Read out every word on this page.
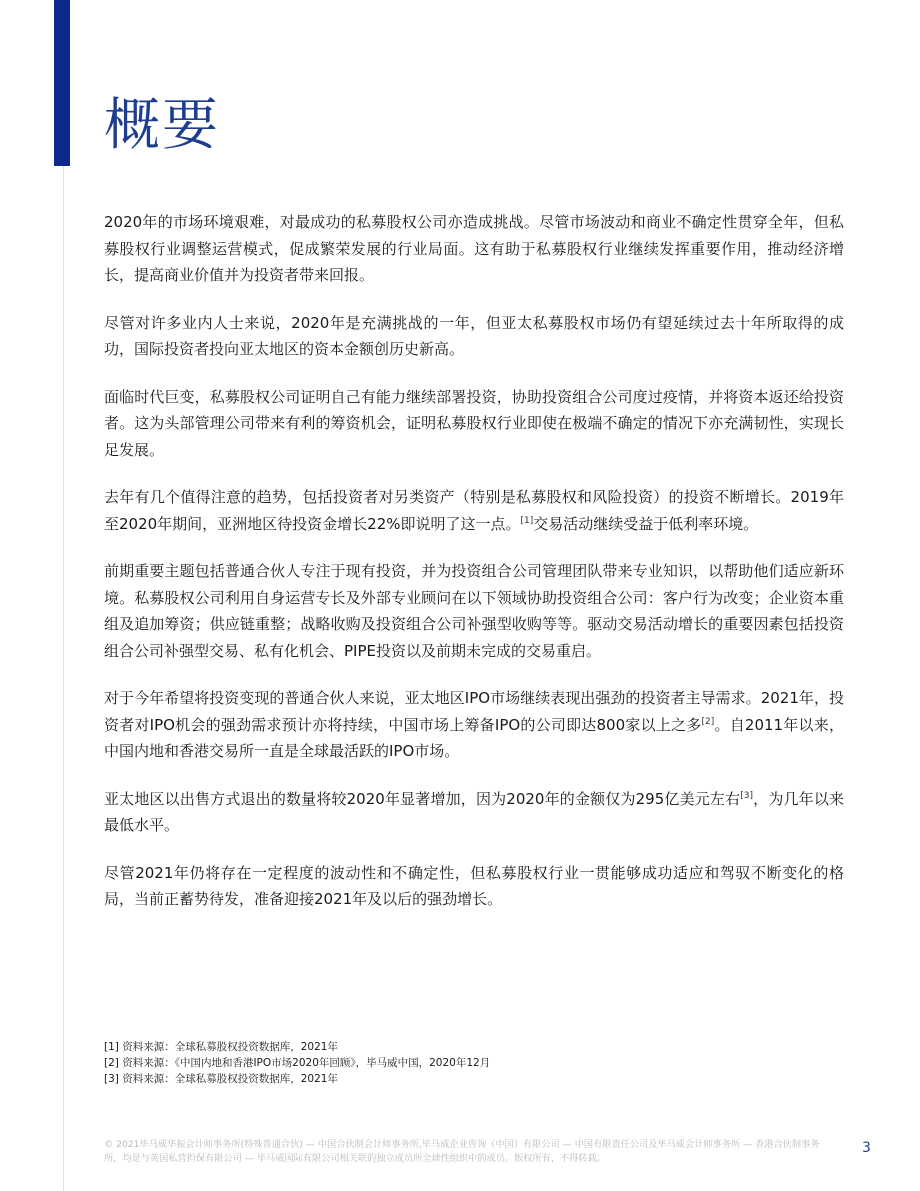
概要

2020年的市场环境艰难，对最成功的私募股权公司亦造成挑战。尽管市场波动和商业不确定性贯穿全年，但私募股权行业调整运营模式，促成繁荣发展的行业局面。这有助于私募股权行业继续发挥重要作用，推动经济增长，提高商业价值并为投资者带来回报。

尽管对许多业内人士来说，2020年是充满挑战的一年，但亚太私募股权市场仍有望延续过去十年所取得的成功，国际投资者投向亚太地区的资本金额创历史新高。

面临时代巨变，私募股权公司证明自己有能力继续部署投资，协助投资组合公司度过疫情，并将资本返还给投资者。这为头部管理公司带来有利的筹资机会，证明私募股权行业即使在极端不确定的情况下亦充满韧性，实现长足发展。

去年有几个值得注意的趋势，包括投资者对另类资产（特别是私募股权和风险投资）的投资不断增长。2019年至2020年期间，亚洲地区待投资金增长22%即说明了这一点。[1]交易活动继续受益于低利率环境。

前期重要主题包括普通合伙人专注于现有投资，并为投资组合公司管理团队带来专业知识，以帮助他们适应新环境。私募股权公司利用自身运营专长及外部专业顾问在以下领域协助投资组合公司：客户行为改变；企业资本重组及追加筹资；供应链重整；战略收购及投资组合公司补强型收购等等。驱动交易活动增长的重要因素包括投资组合公司补强型交易、私有化机会、PIPE投资以及前期未完成的交易重启。

对于今年希望将投资变现的普通合伙人来说，亚太地区IPO市场继续表现出强劲的投资者主导需求。2021年，投资者对IPO机会的强劲需求预计亦将持续，中国市场上筹备IPO的公司即达800家以上之多[2]。自2011年以来，中国内地和香港交易所一直是全球最活跃的IPO市场。

亚太地区以出售方式退出的数量将较2020年显著增加，因为2020年的金额仅为295亿美元左右[3]，为几年以来最低水平。

尽管2021年仍将存在一定程度的波动性和不确定性，但私募股权行业一贯能够成功适应和驾驭不断变化的格局，当前正蓄势待发，准备迎接2021年及以后的强劲增长。

[1] 资料来源：全球私募股权投资数据库，2021年

[2] 资料来源：《中国内地和香港IPO市场2020年回顾》，毕马威中国，2020年12月

[3] 资料来源：全球私募股权投资数据库，2021年

© 2021毕马威华振会计师事务所(特殊普通合伙) — 中国合伙制会计师事务所,毕马威企业咨询（中国）有限公司 — 中国有限责任公司及毕马威会计师事务所 — 香港合伙制事务所，均是与英国私营担保有限公司 — 毕马威国际有限公司相关联的独立成员所全球性组织中的成员。版权所有，不得转载。

3
